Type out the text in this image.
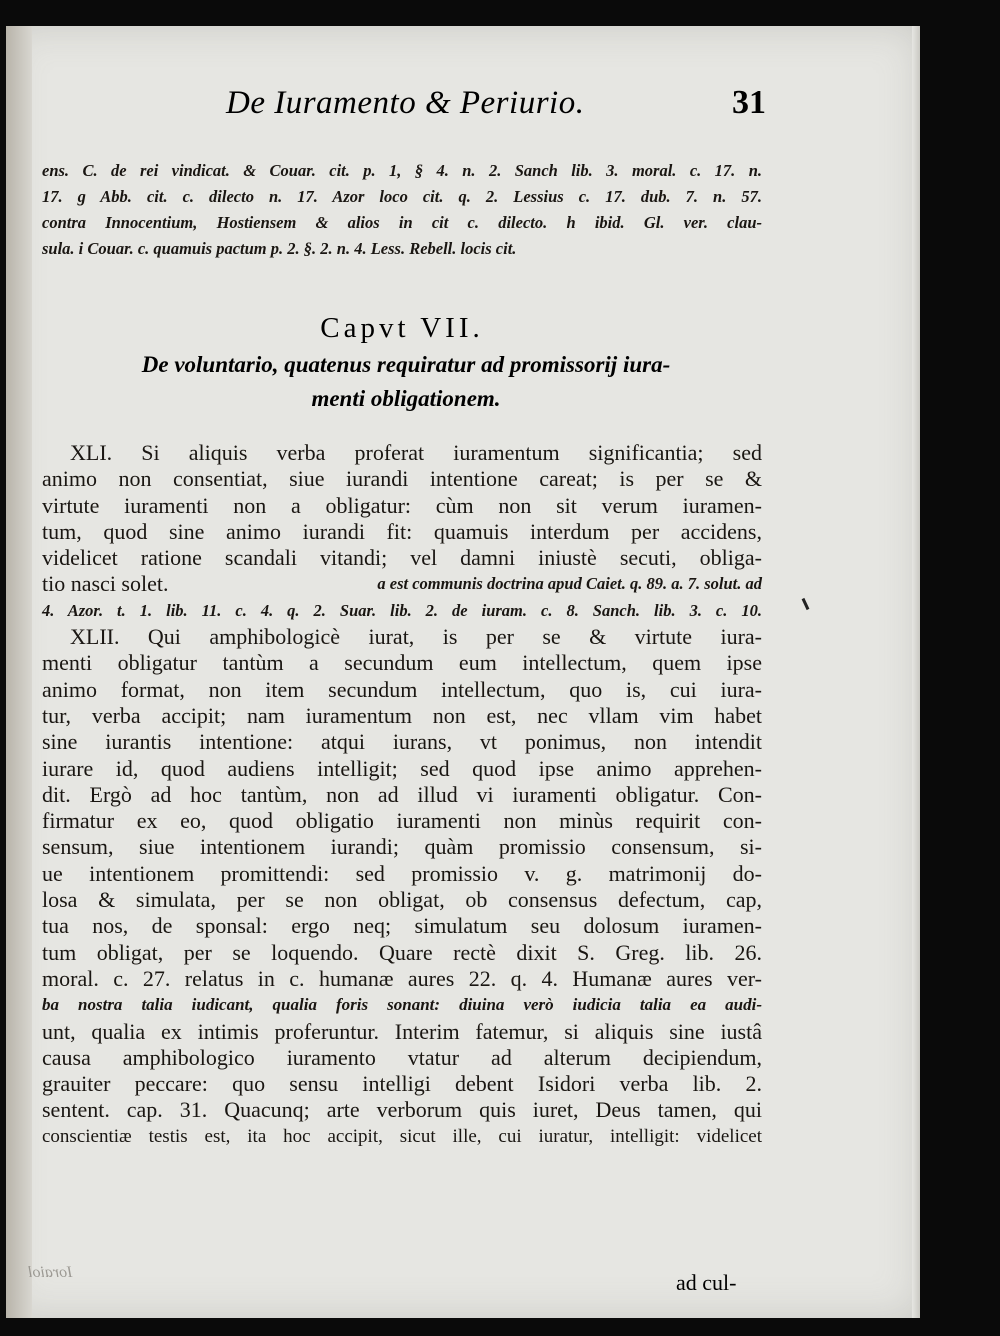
De Iuramento & Periurio.	31
ens. C. de rei vindicat. & Couar. cit. p. 1, § 4. n. 2. Sanch lib. 3. moral. c. 17. n.
17. g Abb. cit. c. dilecto n. 17. Azor loco cit. q. 2. Lessius c. 17. dub. 7. n. 57.
contra Innocentium, Hostiensem & alios in cit c. dilecto. h ibid. Gl. ver. clau-
sula. i Couar. c. quamuis pactum p. 2. §. 2. n. 4. Less. Rebell. locis cit.
Capvt VII.
De voluntario, quatenus requiratur ad promissorij iura-
menti obligationem.
XLI. Si aliquis verba proferat iuramentum significantia; sed
animo non consentiat, siue iurandi intentione careat; is per se &
virtute iuramenti non a obligatur: cùm non sit verum iuramen-
tum, quod sine animo iurandi fit: quamuis interdum per accidens,
videlicet ratione scandali vitandi; vel damni iniustè secuti, obliga-
tio nasci solet.	a est communis doctrina apud Caiet. q. 89. a. 7. solut. ad
4. Azor. t. 1. lib. 11. c. 4. q. 2. Suar. lib. 2. de iuram. c. 8. Sanch. lib. 3. c. 10.
XLII. Qui amphibologicè iurat, is per se & virtute iura-
menti obligatur tantùm a secundum eum intellectum, quem ipse
animo format, non item secundum intellectum, quo is, cui iura-
tur, verba accipit; nam iuramentum non est, nec vllam vim habet
sine iurantis intentione: atqui iurans, vt ponimus, non intendit
iurare id, quod audiens intelligit; sed quod ipse animo apprehen-
dit. Ergò ad hoc tantùm, non ad illud vi iuramenti obligatur. Con-
firmatur ex eo, quod obligatio iuramenti non minùs requirit con-
sensum, siue intentionem iurandi; quàm promissio consensum, si-
ue intentionem promittendi: sed promissio v. g. matrimonij do-
losa & simulata, per se non obligat, ob consensus defectum, cap,
tua nos, de sponsal: ergo neq; simulatum seu dolosum iuramen-
tum obligat, per se loquendo. Quare rectè dixit S. Greg. lib. 26.
moral. c. 27. relatus in c. humanæ aures 22. q. 4. Humanæ aures ver-
ba nostra talia iudicant, qualia foris sonant: diuina verò iudicia talia ea audi-
unt, qualia ex intimis proferuntur. Interim fatemur, si aliquis sine iustâ
causa amphibologico iuramento vtatur ad alterum decipiendum,
grauiter peccare: quo sensu intelligi debent Isidori verba lib. 2.
sentent. cap. 31. Quacunq; arte verborum quis iuret, Deus tamen, qui
conscientiæ testis est, ita hoc accipit, sicut ille, cui iuratur, intelligit: videlicet
ad cul-
Ioraiol
